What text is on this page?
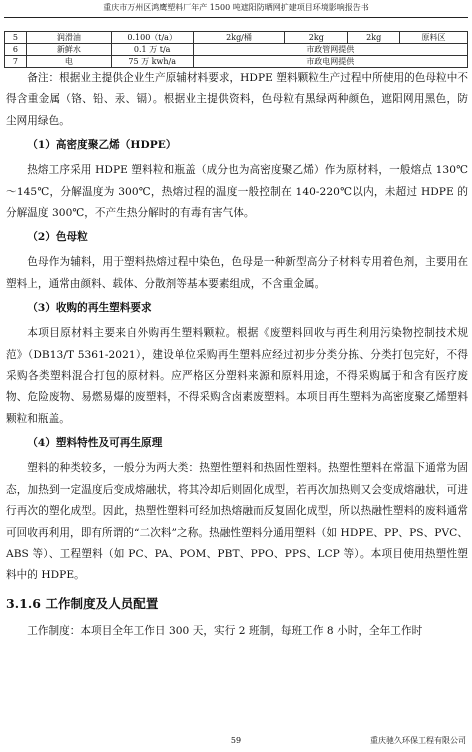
重庆市万州区鸿鹰塑料厂年产 1500 吨遮阳防晒网扩建项目环境影响报告书
5	润滑油	0.100（t/a）	2kg/桶	2kg	2kg	原料区
6	新鲜水	0.1 万 t/a	市政管网提供			
7	电	75 万 kwh/a	市政电网提供			

备注：根据业主提供企业生产原辅材料要求，HDPE 塑料颗粒生产过程中所使用的色母粒中不得含重金属（铬、铅、汞、镉）。根据业主提供资料，色母粒有黑绿两种颜色，遮阳网用黑色，防尘网用绿色。

（1）高密度聚乙烯（HDPE）

热熔工序采用 HDPE 塑料粒和瓶盖（成分也为高密度聚乙烯）作为原材料，一般熔点 130℃～145℃，分解温度为 300℃，热熔过程的温度一般控制在 140-220℃以内，未超过 HDPE 的分解温度 300℃，不产生热分解时的有毒有害气体。

（2）色母粒

色母作为辅料，用于塑料热熔过程中染色，色母是一种新型高分子材料专用着色剂，主要用在塑料上，通常由颜料、载体、分散剂等基本要素组成，不含重金属。

（3）收购的再生塑料要求

本项目原材料主要来自外购再生塑料颗粒。根据《废塑料回收与再生利用污染物控制技术规范》（DB13/T 5361-2021），建设单位采购再生塑料应经过初步分类分拣、分类打包完好，不得采购各类塑料混合打包的原材料。应严格区分塑料来源和原料用途，不得采购属于和含有医疗废物、危险废物、易燃易爆的废塑料，不得采购含卤素废塑料。本项目再生塑料为高密度聚乙烯塑料颗粒和瓶盖。

（4）塑料特性及可再生原理

塑料的种类较多，一般分为两大类：热塑性塑料和热固性塑料。热塑性塑料在常温下通常为固态，加热到一定温度后变成熔融状，将其冷却后则固化成型，若再次加热则又会变成熔融状，可进行再次的塑化成型。因此，热塑性塑料可经加热熔融而反复固化成型，所以热融性塑料的废料通常可回收再利用，即有所谓的“二次料”之称。热融性塑料分通用塑料（如 HDPE、PP、PS、PVC、ABS 等）、工程塑料（如 PC、PA、POM、PBT、PPO、PPS、LCP 等）。本项目使用热塑性塑料中的 HDPE。

3.1.6 工作制度及人员配置

工作制度：本项目全年工作日 300 天，实行 2 班制，每班工作 8 小时，全年工作时

59	重庆驰久环保工程有限公司
